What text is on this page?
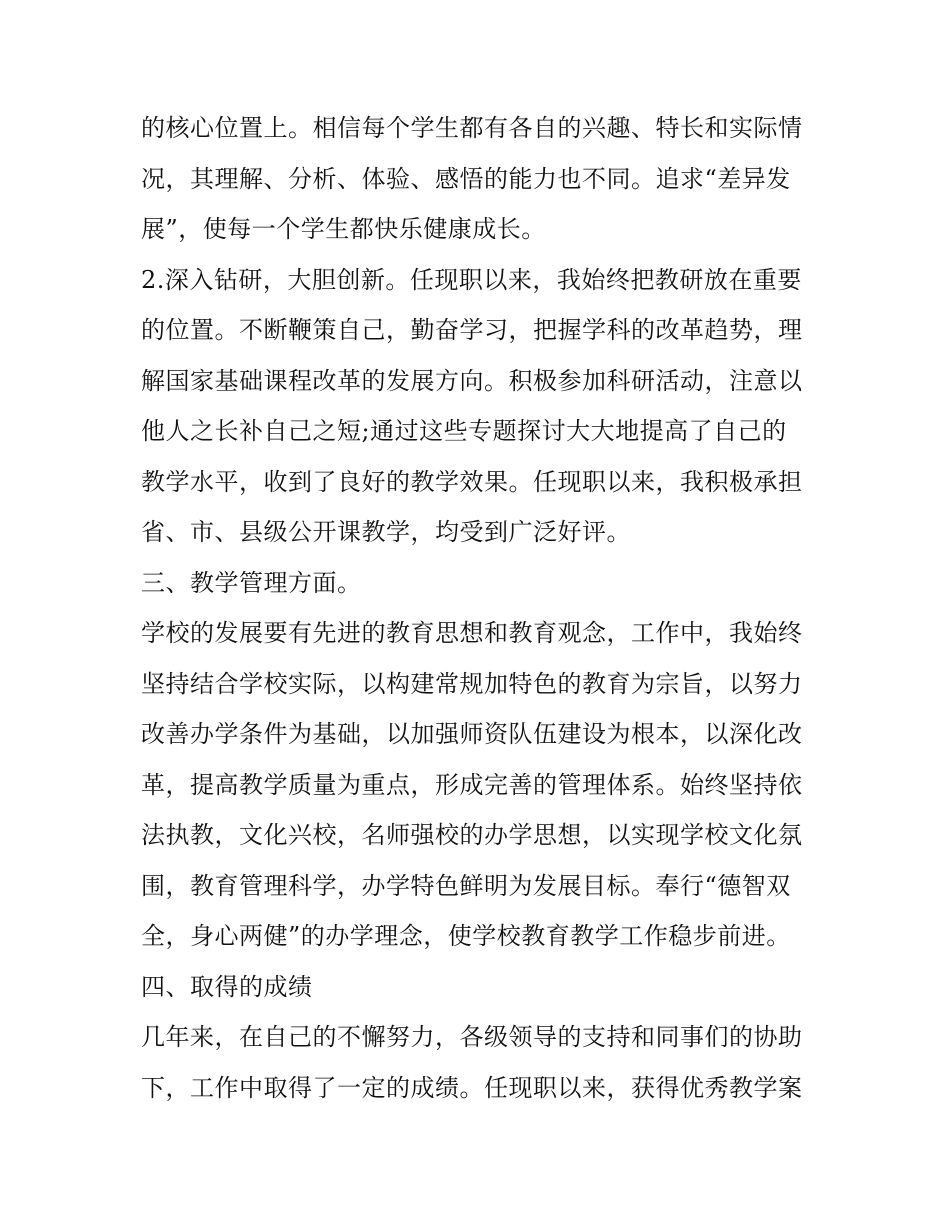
的核心位置上。相信每个学生都有各自的兴趣、特长和实际情
况，其理解、分析、体验、感悟的能力也不同。追求“差异发
展”，使每一个学生都快乐健康成长。
2.深入钻研，大胆创新。任现职以来，我始终把教研放在重要
的位置。不断鞭策自己，勤奋学习，把握学科的改革趋势，理
解国家基础课程改革的发展方向。积极参加科研活动，注意以
他人之长补自己之短;通过这些专题探讨大大地提高了自己的
教学水平，收到了良好的教学效果。任现职以来，我积极承担
省、市、县级公开课教学，均受到广泛好评。
三、教学管理方面。
学校的发展要有先进的教育思想和教育观念，工作中，我始终
坚持结合学校实际，以构建常规加特色的教育为宗旨，以努力
改善办学条件为基础，以加强师资队伍建设为根本，以深化改
革，提高教学质量为重点，形成完善的管理体系。始终坚持依
法执教，文化兴校，名师强校的办学思想，以实现学校文化氛
围，教育管理科学，办学特色鲜明为发展目标。奉行“德智双
全，身心两健”的办学理念，使学校教育教学工作稳步前进。
四、取得的成绩
几年来，在自己的不懈努力，各级领导的支持和同事们的协助
下，工作中取得了一定的成绩。任现职以来，获得优秀教学案
